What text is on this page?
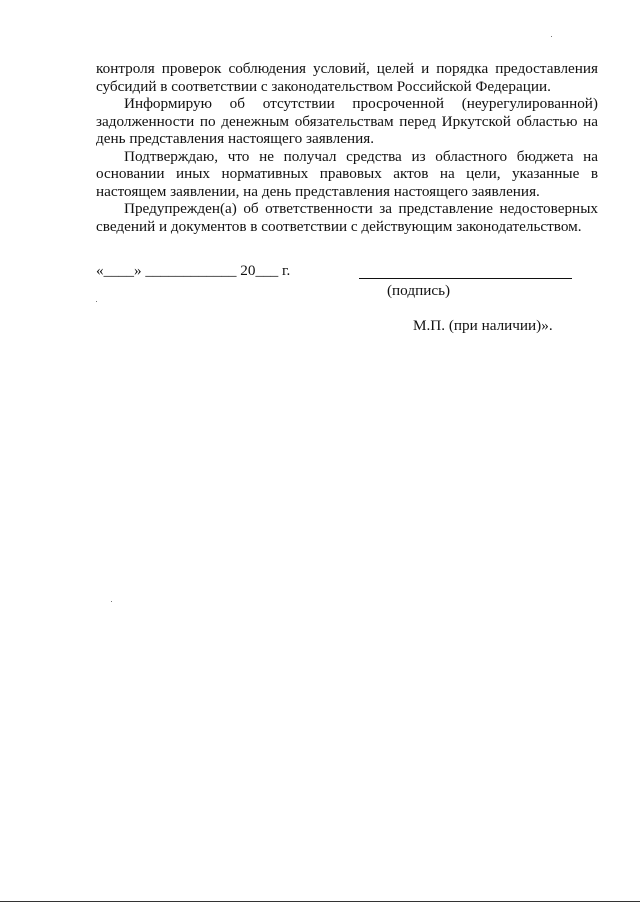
контроля проверок соблюдения условий, целей и порядка предоставления субсидий в соответствии с законодательством Российской Федерации.

Информирую об отсутствии просроченной (неурегулированной) задолженности по денежным обязательствам перед Иркутской областью на день представления настоящего заявления.

Подтверждаю, что не получал средства из областного бюджета на основании иных нормативных правовых актов на цели, указанные в настоящем заявлении, на день представления настоящего заявления.

Предупрежден(а) об ответственности за представление недостоверных сведений и документов в соответствии с действующим законодательством.

«____» ____________ 20___ г.
(подпись)
М.П. (при наличии)».
